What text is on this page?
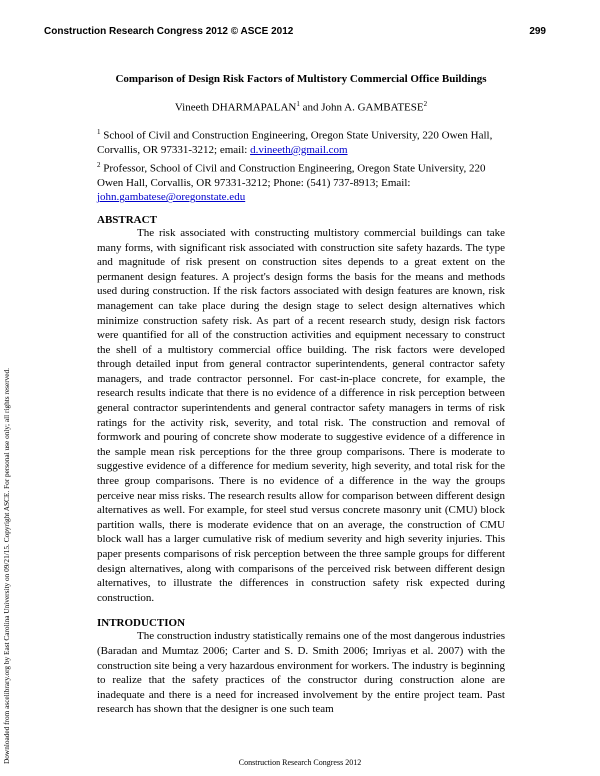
Construction Research Congress 2012 © ASCE 2012	299
Downloaded from ascelibrary.org by East Carolina University on 09/21/15. Copyright ASCE. For personal use only; all rights reserved.

Comparison of Design Risk Factors of Multistory Commercial Office Buildings

Vineeth DHARMAPALAN$^1$ and John A. GAMBATESE$^2$

$^1$ School of Civil and Construction Engineering, Oregon State University, 220 Owen Hall, Corvallis, OR 97331-3212; email: d.vineeth@gmail.com

$^2$ Professor, School of Civil and Construction Engineering, Oregon State University, 220 Owen Hall, Corvallis, OR 97331-3212; Phone: (541) 737-8913; Email: john.gambatese@oregonstate.edu

ABSTRACT

The risk associated with constructing multistory commercial buildings can take many forms, with significant risk associated with construction site safety hazards. The type and magnitude of risk present on construction sites depends to a great extent on the permanent design features. A project's design forms the basis for the means and methods used during construction. If the risk factors associated with design features are known, risk management can take place during the design stage to select design alternatives which minimize construction safety risk. As part of a recent research study, design risk factors were quantified for all of the construction activities and equipment necessary to construct the shell of a multistory commercial office building. The risk factors were developed through detailed input from general contractor superintendents, general contractor safety managers, and trade contractor personnel. For cast-in-place concrete, for example, the research results indicate that there is no evidence of a difference in risk perception between general contractor superintendents and general contractor safety managers in terms of risk ratings for the activity risk, severity, and total risk. The construction and removal of formwork and pouring of concrete show moderate to suggestive evidence of a difference in the sample mean risk perceptions for the three group comparisons. There is moderate to suggestive evidence of a difference for medium severity, high severity, and total risk for the three group comparisons. There is no evidence of a difference in the way the groups perceive near miss risks. The research results allow for comparison between different design alternatives as well. For example, for steel stud versus concrete masonry unit (CMU) block partition walls, there is moderate evidence that on an average, the construction of CMU block wall has a larger cumulative risk of medium severity and high severity injuries. This paper presents comparisons of risk perception between the three sample groups for different design alternatives, along with comparisons of the perceived risk between different design alternatives, to illustrate the differences in construction safety risk expected during construction.

INTRODUCTION

The construction industry statistically remains one of the most dangerous industries (Baradan and Mumtaz 2006; Carter and S. D. Smith 2006; Imriyas et al. 2007) with the construction site being a very hazardous environment for workers. The industry is beginning to realize that the safety practices of the constructor during construction alone are inadequate and there is a need for increased involvement by the entire project team. Past research has shown that the designer is one such team

Construction Research Congress 2012
